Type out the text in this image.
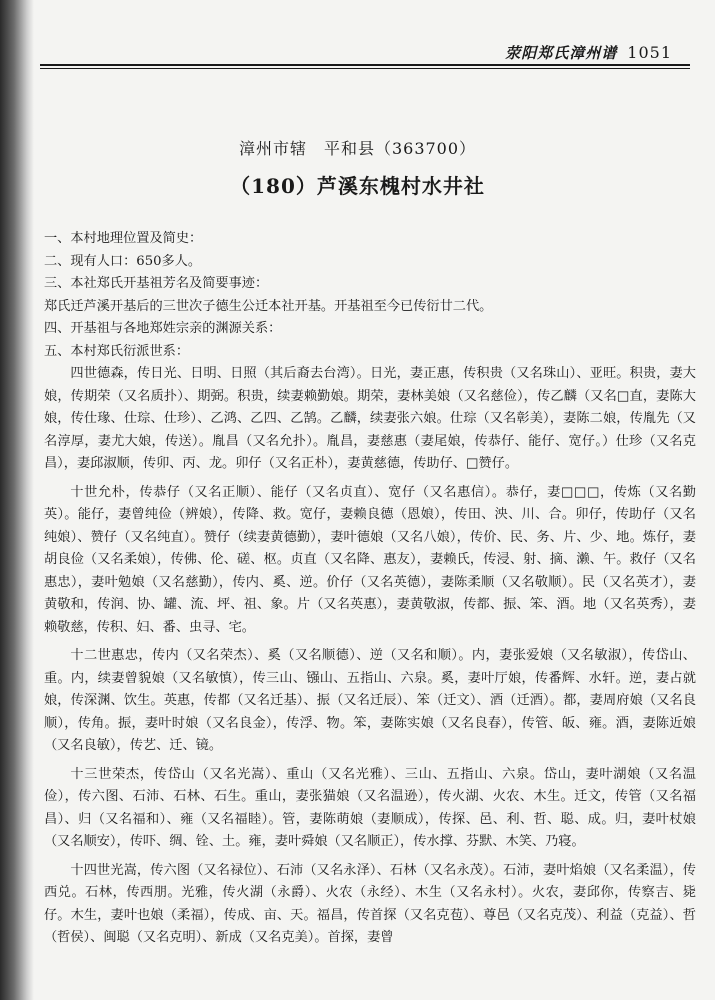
荥阳郑氏漳州谱 1051
漳州市辖　平和县（363700）
（180）芦溪东槐村水井社

一、本村地理位置及简史：

二、现有人口：650多人。

三、本社郑氏开基祖芳名及简要事迹：

郑氏迁芦溪开基后的三世次子德生公迁本社开基。开基祖至今已传衍廿二代。

四、开基祖与各地郑姓宗亲的渊源关系：

五、本村郑氏衍派世系：

四世德森，传日光、日明、日照（其后裔去台湾）。日光，妻正惠，传积贵（又名珠山）、亚旺。积贵，妻大娘，传期荣（又名质扑）、期弼。积贵，续妻赖勤娘。期荣，妻林美娘（又名慈俭），传乙麟（又名□直，妻陈大娘，传仕瑑、仕琮、仕珍）、乙鸿、乙四、乙鹄。乙麟，续妻张六娘。仕琮（又名彰美），妻陈二娘，传胤先（又名淳厚，妻尤大娘，传送）。胤昌（又名允扑）。胤昌，妻慈惠（妻尾娘，传恭仔、能仔、宽仔。）仕珍（又名克昌），妻邱淑顺，传卯、丙、龙。卯仔（又名正朴），妻黄慈德，传助仔、□赞仔。

十世允朴，传恭仔（又名正顺）、能仔（又名贞直）、宽仔（又名惠信）。恭仔，妻□□□，传炼（又名勤英）。能仔，妻曾纯俭（辨娘），传降、救。宽仔，妻赖良德（恩娘），传田、泱、川、合。卯仔，传助仔（又名纯娘）、赞仔（又名纯直）。赞仔（续妻黄德勤），妻叶德娘（又名八娘），传价、民、务、片、少、地。炼仔，妻胡良俭（又名柔娘），传佛、伦、磋、枢。贞直（又名降、惠友），妻赖氏，传浸、射、摘、濑、午。救仔（又名惠忠），妻叶勉娘（又名慈勤），传内、奚、逆。价仔（又名英德），妻陈柔顺（又名敬顺）。民（又名英才），妻黄敬和，传润、协、罐、流、坪、祖、象。片（又名英惠），妻黄敬淑，传都、振、笨、酒。地（又名英秀），妻赖敬慈，传积、妇、番、虫寻、宅。

十二世惠忠，传内（又名荣杰）、奚（又名顺德）、逆（又名和顺）。内，妻张爱娘（又名敏淑），传岱山、重。内，续妻曾貌娘（又名敏慎），传三山、镪山、五指山、六泉。奚，妻叶厅娘，传番辉、水轩。逆，妻占就娘，传深渊、饮生。英惠，传都（又名迁基）、振（又名迁辰）、笨（迁文）、酒（迁酒）。都，妻周府娘（又名良顺），传角。振，妻叶时娘（又名良金），传浮、物。笨，妻陈实娘（又名良春），传管、皈、雍。酒，妻陈近娘（又名良敏），传艺、迁、镜。

十三世荣杰，传岱山（又名光嵩）、重山（又名光雅）、三山、五指山、六泉。岱山，妻叶湖娘（又名温俭），传六图、石沛、石林、石生。重山，妻张猫娘（又名温逊），传火湖、火农、木生。迁文，传管（又名福昌）、归（又名福和）、雍（又名福睦）。管，妻陈萌娘（妻顺成），传探、邑、利、哲、聪、成。归，妻叶杖娘（又名顺安），传吓、绸、铨、土。雍，妻叶舜娘（又名顺正），传水撑、芬默、木笑、乃寝。

十四世光嵩，传六图（又名禄位）、石沛（又名永泽）、石林（又名永茂）。石沛，妻叶焰娘（又名柔温），传西兑。石林，传西朋。光雅，传火湖（永爵）、火农（永经）、木生（又名永村）。火农，妻邱你，传察吉、毙仔。木生，妻叶也娘（柔福），传成、亩、天。福昌，传首探（又名克苞）、尊邑（又名克茂）、利益（克益）、哲（哲侯）、闽聪（又名克明）、新成（又名克美）。首探，妻曾
